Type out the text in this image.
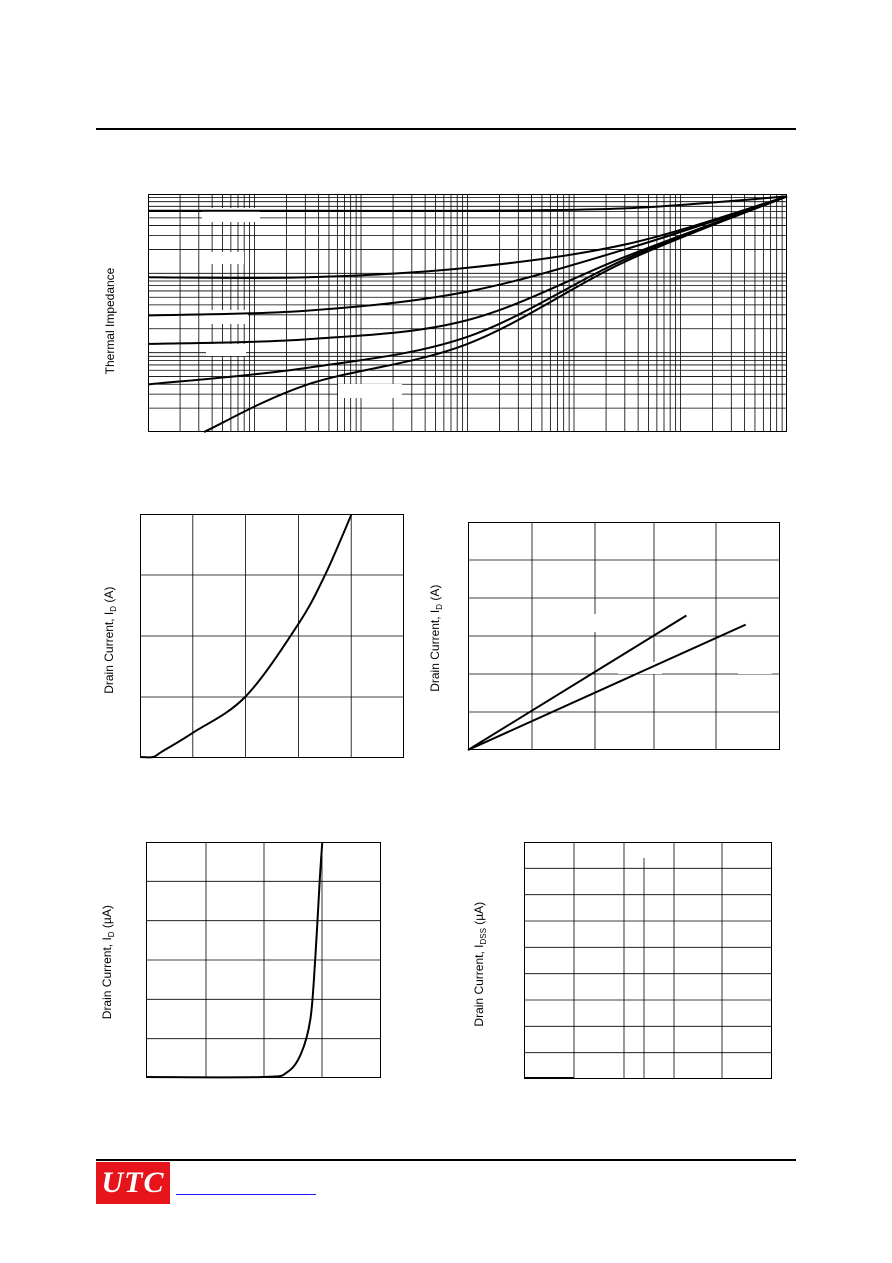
Thermal Impedance
Drain Current, $I_D$ (A)
Drain Current, $I_D$ (A)
Drain Current, $I_D$ (µA)
Drain Current, $I_{DSS}$ (µA)
UTC
